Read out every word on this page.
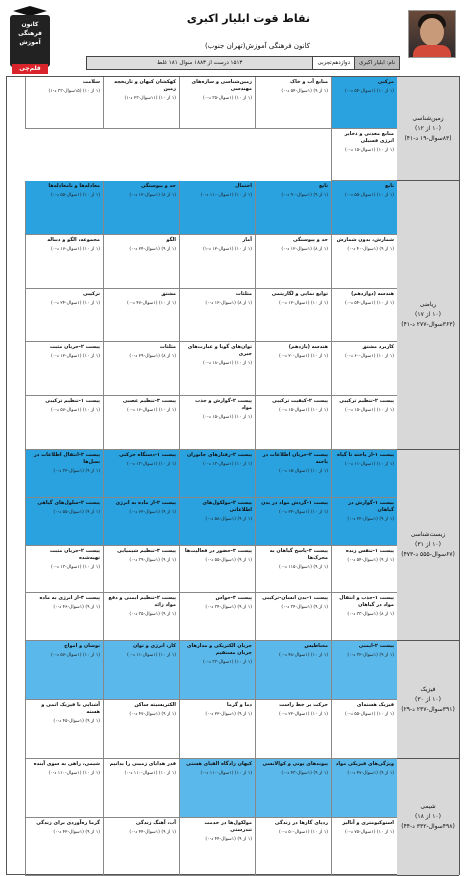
نقاط قوت ابلیار اکبری
کانون فرهنگی آموزش(تهران جنوب)
کانون فرهنگی آموزش
قلم‌چی
نام: ابلیار اکبری
دوازدهم‌تجربی
۱۵۱۳ درست از ۱۸۸۳ سوال ۱۸۱ غلط
زمین‌شناسی
(۱۰ از ۱۲) (۸۳سوال-۱۹ د-۴۱)
مرکبی
(۱ از ۱۰) (۱سوال-۵۴ د-۰)
منابع آب و خاک
(۱ از ۹) (۱سوال-۵۴ د-۰)
زمین‌شناسی و سازه‌های مهندسی
(۱ از ۱۰) (۱سوال-۳۵ د-۰)
کهکشان کیهان و تاریخچه زمین
(۱ از ۱۰) (۱۱سوال-۲۳ د-۱)
سلامت
(۱ از ۱۰) (۱۵سوال-۳۳ د-۱)
منابع معدنی و ذخایر انرژی فسیلی
(۱ از ۱۰) (۱سوال-۱۵ د-۰)
ریاضی
(۱۰ از ۱۷) (۳۶۳سوال-۲۷۷ د-۴۱)
تابع
(۱ از ۱۰) (۱سوال-۵۵ د-۰)
تابع
(۱ از ۹) (۱سوال-۹۰ د-۰)
احتمال
(۱ از ۱۰) (۱سوال-۱۱۰ د-۰)
حد و پیوستگی
(۱ از ۸) (۱سوال-۱۲ د-۰)
معادله‌ها و نامعادله‌ها
(۱ از ۱۰) (۱سوال-۵۵ د-۰)
شمارش، بدون شمارش
(۱ از ۹) (۱سوال-۴۰ د-۰)
حد و پیوستگی
(۱ از ۸) (۱سوال-۱۲ د-۰)
آمار
(۱ از ۱۰) (۱سوال-۱۲ د-۱)
الگو
(۱ از ۹) (۱سوال-۲۴ د-۰)
مجموعه، الگو و دنباله
(۱ از ۱۰) (۱سوال-۱۷ د-۰)
هندسه (دوازدهم)
(۱ از ۱۰) (۱سوال-۵۴ د-۰)
توابع نمایی و لگاریتمی
(۱ از ۱۰) (۱سوال-۱۲ د-۰)
مثلثات
(۱ از ۸) (۱سوال-۱۲ د-۰)
مشتق
(۱ از ۱۰) (۱سوال-۴۷ د-۰)
ترکیبی
(۱ از ۱۰) (۱سوال-۲۴ د-۰)
کاربرد مشتق
(۱ از ۱۰) (۱سوال-۶۰ د-۰)
هندسه (یازدهم)
(۱ از ۱۰) (۱سوال-۲۰ د-۰)
توان‌های گویا و عبارت‌های جبری
(۱ از ۱۰) (۱سوال-۱۸ د-۰)
مثلثات
(۱ از ۸) (۱سوال-۲۹ د-۰)
پیست ۲-جریان مثبت
(۱ از ۱۰) (۱سوال-۱۲ د-۰)
پیست ۲-تنظیم ترکیبی
(۱ از ۱۰) (۱سوال-۱۵ د-۰)
پیست ۲-کیفیت ترکیبی
(۱ از ۱۰) (۱سوال-۱۵ د-۰)
پیست ۲-گوارش و جذب مواد
(۱ از ۱۰) (۱سوال-۱۵ د-۰)
پیست ۳-تنظیم عصبی
(۱ از ۱۰) (۱سوال-۱۶ د-۰)
پیست ۱-تنظیم ترکیبی
(۱ از ۱۰) (۱سوال-۵۷ د-۰)
زیست‌شناسی
(۱۰ از ۳۱) (۶۷سوال-۵۵۵ د-۴۷۳)
پیست ۱-از یاخته تا گیاه
(۱ از ۱۰) (۱سوال-۱۱ د-۰)
پیست ۲-جریان اطلاعات در یاخته
(۱ از ۱۰) (۱سوال-۱۵ د-۰)
پیست ۲-رفتارهای جانوران
(۱ از ۱۰) (۱سوال-۱۳ د-۰)
پیست ۱-دستگاه حرکتی
(۱ از ۱۰) (۱سوال-۱۳ د-۰)
پیست ۳-انتقال اطلاعات در نسل‌ها
(۱ از ۹) (۱سوال-۳۲ د-۰)
پیست ۱-گوارش در گیاهان
(۱ از ۹) (۱سوال-۲۲ د-۰)
پیست ۱-گردش مواد در بدن
(۱ از ۱۰) (۱سوال-۲۴ د-۰)
پیست ۲-مولکول‌های اطلاعاتی
(۱ از ۹) (۱سوال-۵۸ د-۰)
پیست ۲-از ماده به انرژی
(۱ از ۹) (۱سوال-۶۲ د-۰)
پیست ۲-سلول‌های گیاهی
(۱ از ۹) (۱سوال-۵۵ د-۰)
پیست ۱-تنفس زنده
(۱ از ۹) (۱سوال-۵۴ د-۰)
پیست ۳-پاسخ گیاهان به محرک‌ها
(۱ از ۹) (۱سوال-۱۱۵ د-۰)
پیست ۳-حضور در فعالیت‌ها
(۱ از ۹) (۱سوال-۵۵ د-۰)
پیست ۳-تنظیم شیمیایی
(۱ از ۹) (۱سوال-۳۹ د-۰)
پیست ۲-جریان مثبت تهیه‌شده
(۱ از ۱۰) (۱سوال-۱۳ د-۰)
پیست ۱-جذب و انتقال مواد در گیاهان
(۱ از ۸) (۱سوال-۳۳ د-۰)
پیست ۱-بدن انسان-ترکیبی
(۱ از ۹) (۱سوال-۳۴ د-۰)
پیست ۳-حواس
(۱ از ۹) (۱سوال-۳۴ د-۰)
پیست ۲-تنظیم ایمنی و دفع مواد زائد
(۱ از ۹) (۱سوال-۳۵ د-۰)
پیست ۳-از انرژی به ماده
(۱ از ۹) (۱سوال-۴۶ د-۰)
فیزیک
(۱۰ از ۳۰) (۳۹۱سوال-۲۳۷ د-۲۹)
پیست ۲-ایمنی
(۱ از ۹) (۱سوال-۳۲ د-۰)
مغناطیس
(۱ از ۱۰) (۱سوال-۴۸ د-۰)
جریان الکتریکی و مدارهای جریان مستقیم
(۱ از ۱۰) (۱سوال-۳۳ د-۰)
کار، انرژی و توان
(۱ از ۱۰) (۱سوال-۱۱ د-۰)
نوسان و امواج
(۱ از ۱۰) (۱سوال-۵۷ د-۰)
فیزیک هسته‌ای
(۱ از ۱۰) (۱سوال-۵۵ د-۰)
حرکت بر خط راست
(۱ از ۱۰) (۱سوال-۲۲ د-۰)
دما و گرما
(۱ از ۹) (۱سوال-۲۲ د-۰)
الکتریسیته ساکن
(۱ از ۹) (۱سوال-۴۷ د-۰)
آشنایی با فیزیک اتمی و هسته
(۱ از ۹) (۱سوال-۴۵ د-۰)
شیمی
(۱۰ از ۱۸) (۴۹۸سوال-۳۳۲ د-۴۴)
ویژگی‌های فیزیکی مواد
(۱ از ۹) (۱سوال-۴۷ د-۰)
پیوندهای یونی و کوالانسی
(۱ از ۹) (۱سوال-۴۳ د-۰)
کیهان زادگاه الفبای هستی
(۱ از ۱۰) (۱سوال-۱۱۰ د-۰)
قدر هدایای زمینی را بدانیم
(۱ از ۱۰) (۱سوال-۱۱۰ د-۰)
شیمی، راهی به سوی آینده
(۱ از ۱۰) (۱سوال-۱۱۰ د-۰)
استوکیومتری و آنالیز
(۱ از ۱۰) (۱سوال-۷۵ د-۰)
ردپای گازها در زندگی
(۱ از ۱۰) (۱سوال-۵۰ د-۰)
مولکول‌ها در خدمت تندرستی
(۱ از ۹) (۱سوال-۴۴ د-۰)
آب، آهنگ زندگی
(۱ از ۹) (۱سوال-۴۴ د-۰)
گرما ره‌آوردی برای زندگی
(۱ از ۹) (۱سوال-۴۲ د-۰)
